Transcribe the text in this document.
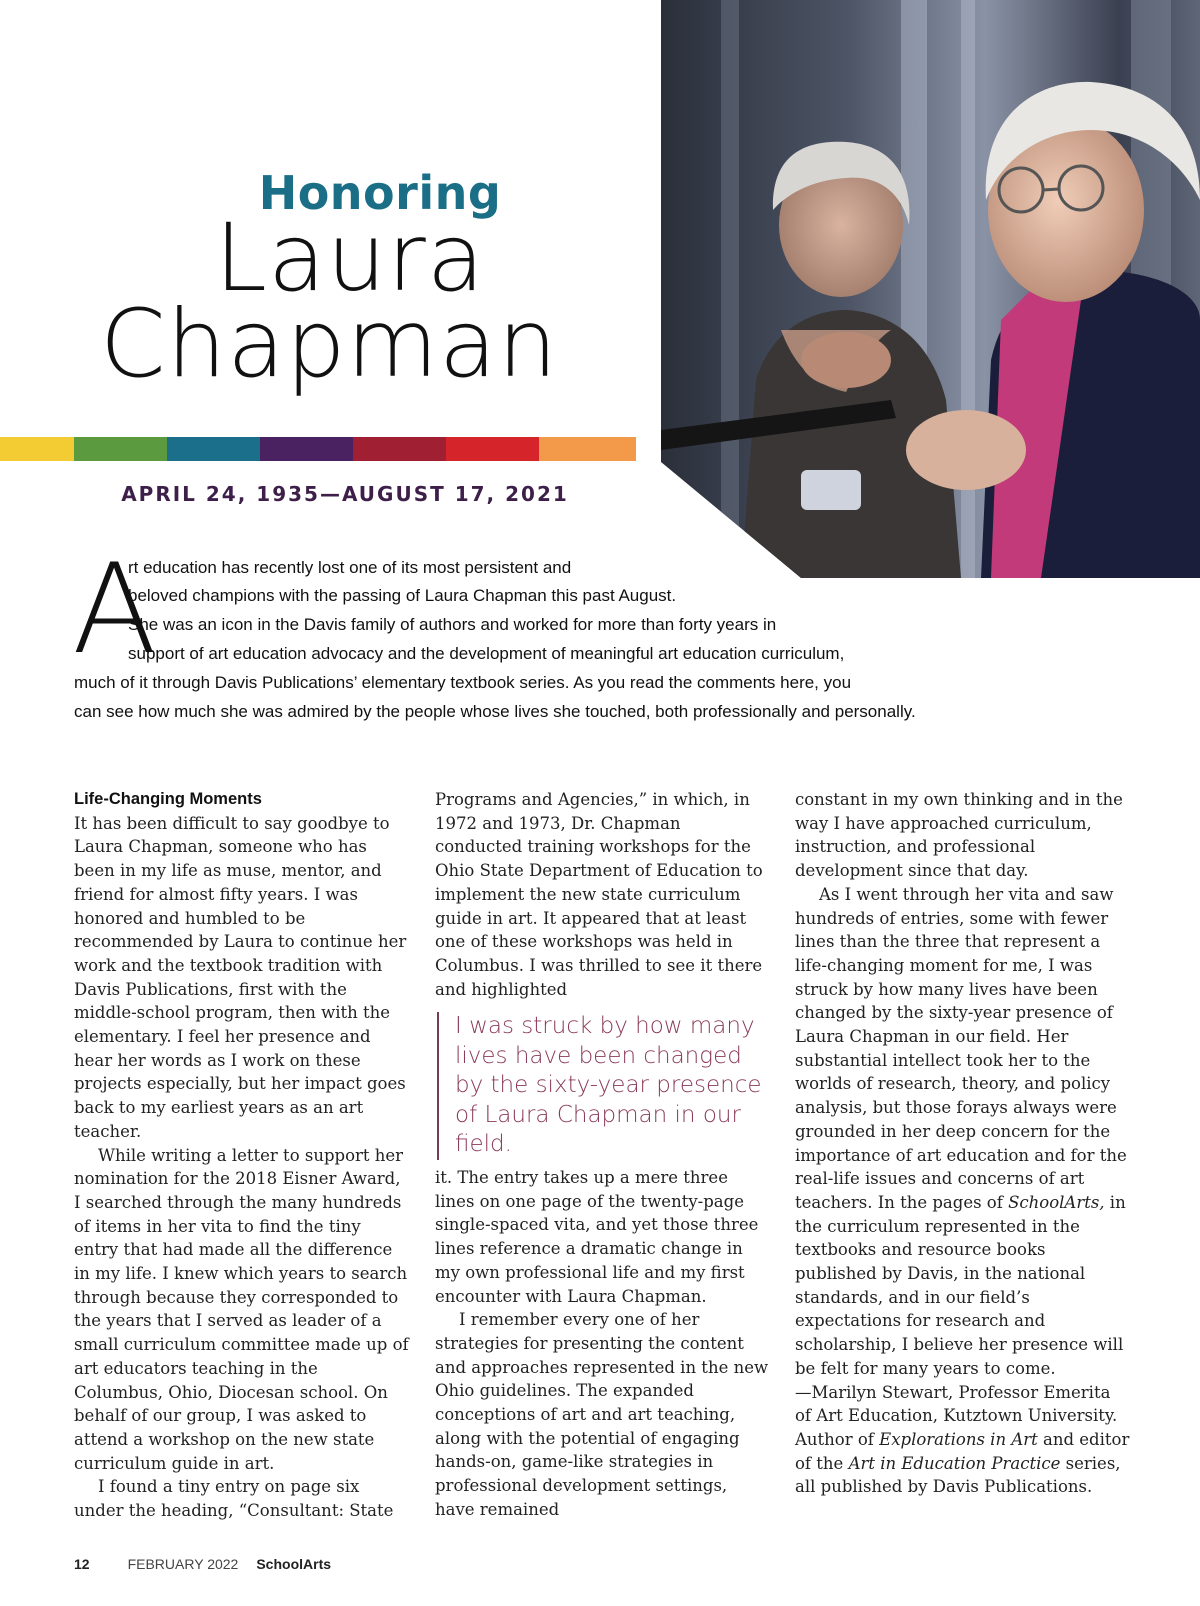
Honoring
Laura
Chapman
APRIL 24, 1935—AUGUST 17, 2021
A
rt education has recently lost one of its most persistent and
beloved champions with the passing of Laura Chapman this past August.
She was an icon in the Davis family of authors and worked for more than forty years in
support of art education advocacy and the development of meaningful art education curriculum,
much of it through Davis Publications’ elementary textbook series. As you read the comments here, you
can see how much she was admired by the people whose lives she touched, both professionally and personally.

Life-Changing Moments

It has been difficult to say goodbye to Laura Chapman, someone who has been in my life as muse, mentor, and friend for almost fifty years. I was honored and humbled to be recommended by Laura to continue her work and the textbook tradition with Davis Publications, first with the middle-school program, then with the elementary. I feel her presence and hear her words as I work on these projects especially, but her impact goes back to my earliest years as an art teacher.

While writing a letter to support her nomination for the 2018 Eisner Award, I searched through the many hundreds of items in her vita to find the tiny entry that had made all the difference in my life. I knew which years to search through because they corresponded to the years that I served as leader of a small curriculum committee made up of art educators teaching in the Columbus, Ohio, Diocesan school. On behalf of our group, I was asked to attend a workshop on the new state curriculum guide in art.

I found a tiny entry on page six under the heading, “Consultant: State

Programs and Agencies,” in which, in 1972 and 1973, Dr. Chapman conducted training workshops for the Ohio State Department of Education to implement the new state curriculum guide in art. It appeared that at least one of these workshops was held in Columbus. I was thrilled to see it there and highlighted

I was struck by how many lives have been changed by the sixty-year presence of Laura Chapman in our field.

it. The entry takes up a mere three lines on one page of the twenty-page single-spaced vita, and yet those three lines reference a dramatic change in my own professional life and my first encounter with Laura Chapman.

I remember every one of her strategies for presenting the content and approaches represented in the new Ohio guidelines. The expanded conceptions of art and art teaching, along with the potential of engaging hands-on, game-like strategies in professional development settings, have remained

constant in my own thinking and in the way I have approached curriculum, instruction, and professional development since that day.

As I went through her vita and saw hundreds of entries, some with fewer lines than the three that represent a life-changing moment for me, I was struck by how many lives have been changed by the sixty-year presence of Laura Chapman in our field. Her substantial intellect took her to the worlds of research, theory, and policy analysis, but those forays always were grounded in her deep concern for the importance of art education and for the real-life issues and concerns of art teachers. In the pages of SchoolArts, in the curriculum represented in the textbooks and resource books published by Davis, in the national standards, and in our field’s expectations for research and scholarship, I believe her presence will be felt for many years to come.

—Marilyn Stewart, Professor Emerita of Art Education, Kutztown University. Author of Explorations in Art and editor of the Art in Education Practice series, all published by Davis Publications.

12	FEBRUARY 2022 SchoolArts
